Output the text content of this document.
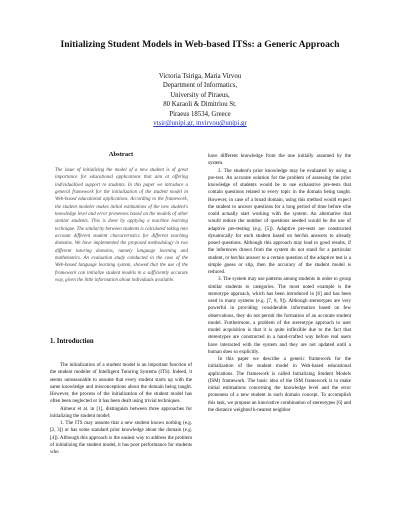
Initializing Student Models in Web-based ITSs: a Generic Approach
Victoria Tsiriga, Maria Virvou
Department of Informatics,
University of Piraeus,
80 Karaoli & Dimitriou St.
Piraeus 18534, Greece
vtsir@unipi.gr, mvirvou@unipi.gr
Abstract
The issue of initializing the model of a new student is of great importance for educational applications that aim at offering individualized support to students. In this paper we introduce a general framework for the initialization of the student model in Web-based educational applications. According to the framework, the student modeler makes initial estimations of the new student's knowledge level and error proneness based on the models of other similar students. This is done by applying a machine learning technique. The similarity between students is calculated taking into account different student characteristics for different teaching domains. We have implemented the proposed methodology in two different tutoring domains, namely language learning and mathematics. An evaluation study conducted in the case of the Web-based language learning system, showed that the use of the framework can initialize student models in a sufficiently accurate way, given the little information about individuals available.
1. Introduction

The initialization of a student model is an important function of the student modeler of Intelligent Tutoring Systems (ITS). Indeed, it seems unreasonable to assume that every student starts up with the same knowledge and misconceptions about the domain being taught. However, the process of the initialization of the student model has often been neglected or it has been dealt using trivial techniques.

Aïmeur et al. in [1], distinguish between three approaches for initializing the student model:

1. The ITS may assume that a new student knows nothing (e.g. [2, 3]) or has some standard prior knowledge about the domain (e.g. [4]). Although this approach is the easiest way to address the problem of initializing the student model, it has poor performance for students who

have different knowledge from the one initially assumed by the system.

2. The student's prior knowledge may be evaluated by using a pre-test. An accurate solution for the problem of assessing the prior knowledge of students would be to use exhaustive pre-tests that contain questions related to every topic in the domain being taught. However, in case of a broad domain, using this method would expect the student to answer questions for a long period of time before s/he could actually start working with the system. An alternative that would reduce the number of questions needed would be the use of adaptive pre-testing (e.g. [5]). Adaptive pre-tests are constructed dynamically for each student based on her/his answers to already posed questions. Although this approach may lead to good results, if the inferences drawn from the system do not stand for a particular student, or her/his answer to a certain question of the adaptive test is a simple guess or slip, then the accuracy of the student model is reduced.

3. The system may use patterns among students in order to group similar students to categories. The most noted example is the stereotype approach, which has been introduced in [6] and has been used in many systems (e.g. [7, 8, 9]). Although stereotypes are very powerful in providing considerable information based on few observations, they do not permit the formation of an accurate student model. Furthermore, a problem of the stereotype approach to user model acquisition is that it is quite inflexible due to the fact that stereotypes are constructed in a hand-crafted way before real users have interacted with the system and they are not updated until a human does so explicitly.

In this paper we describe a generic framework for the initialization of the student model in Web-based educational applications. The framework is called Initializing Student Models (ISM) framework. The basic idea of the ISM framework is to make initial estimations concerning the knowledge level and the error proneness of a new student in each domain concept. To accomplish this task, we propose an innovative combination of stereotypes [6] and the distance weighted k-nearest neighbor
